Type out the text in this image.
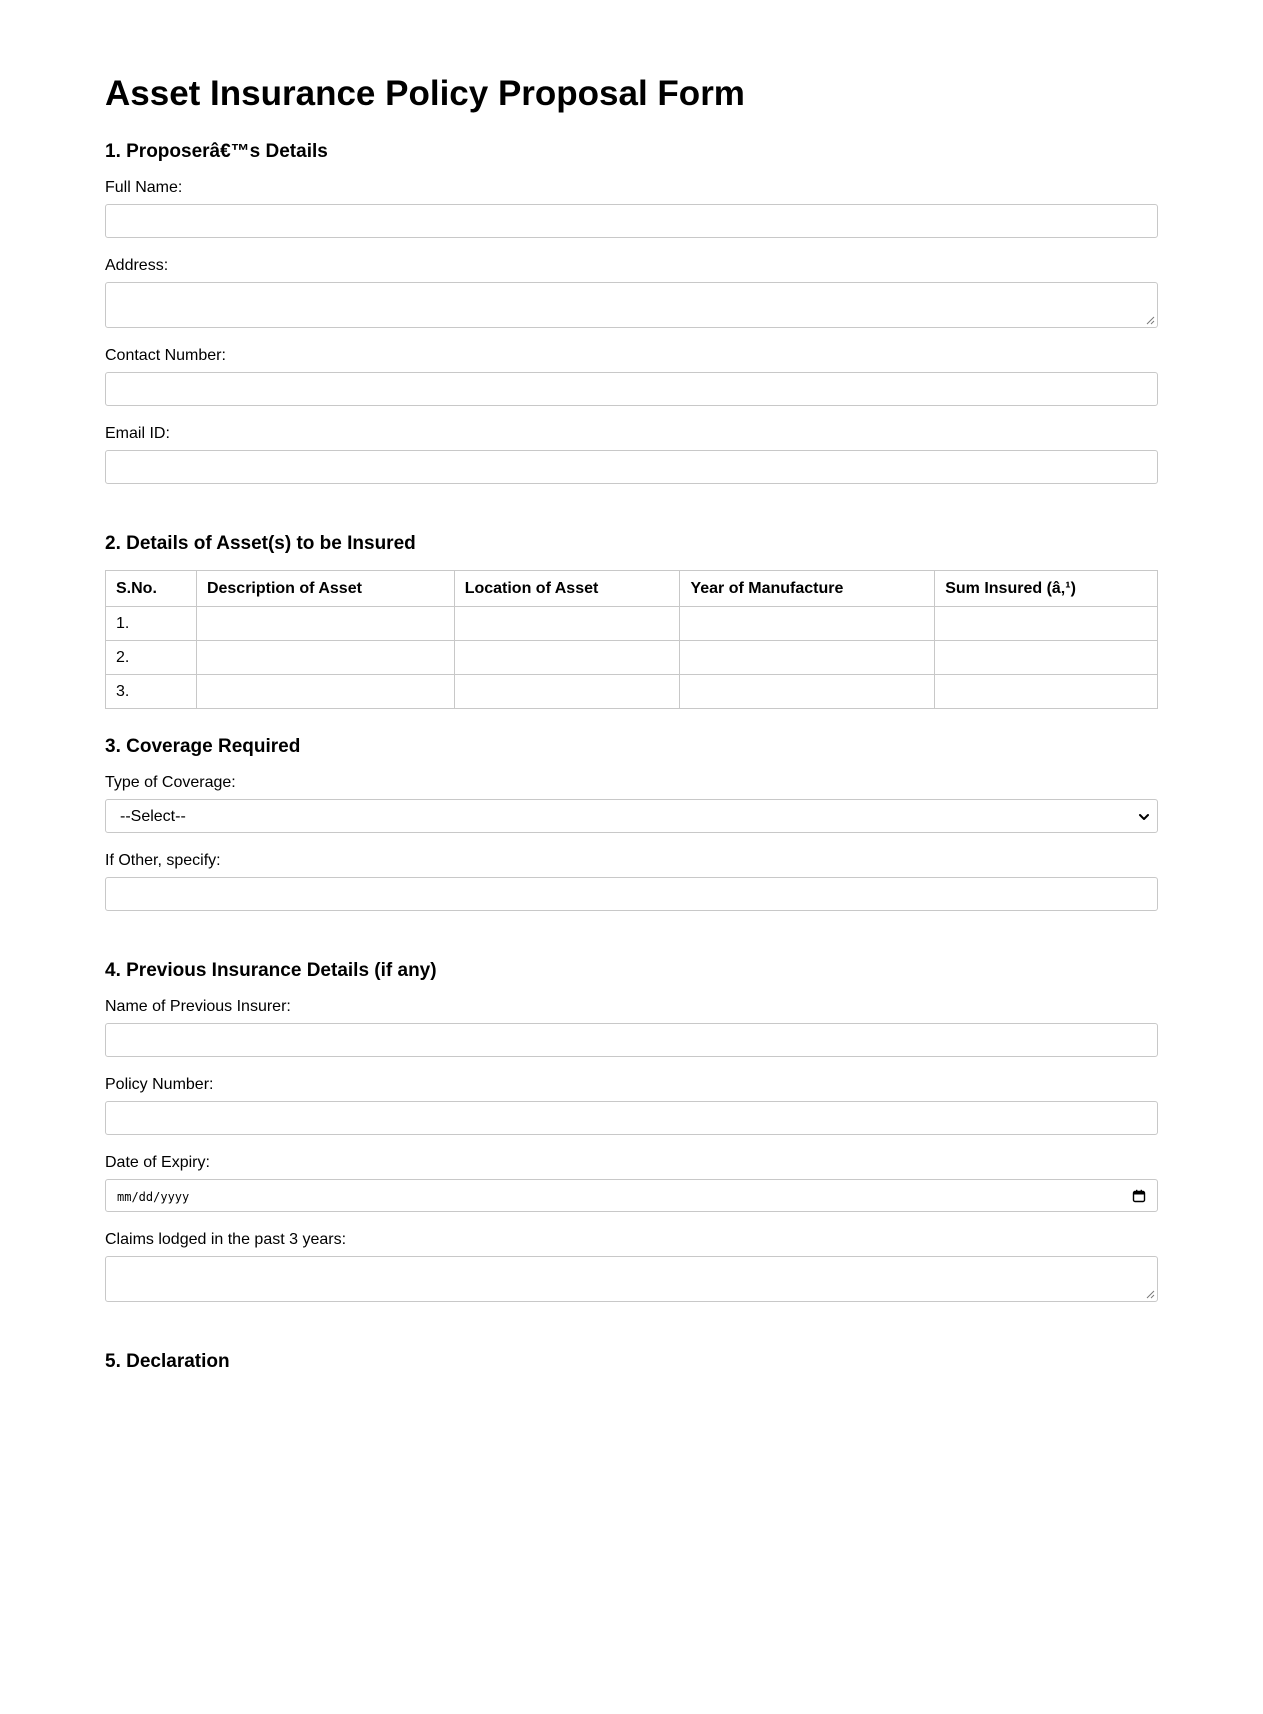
Asset Insurance Policy Proposal Form
1. Proposerâ€™s Details
Full Name:
Address:
Contact Number:
Email ID:
2. Details of Asset(s) to be Insured
S.No.	Description of Asset	Location of Asset	Year of Manufacture	Sum Insured (â‚¹)
1.				
2.				
3.				
3. Coverage Required
Type of Coverage:
--Select--
If Other, specify:
4. Previous Insurance Details (if any)
Name of Previous Insurer:
Policy Number:
Date of Expiry:
mm/dd/yyyy
Claims lodged in the past 3 years:
5. Declaration
